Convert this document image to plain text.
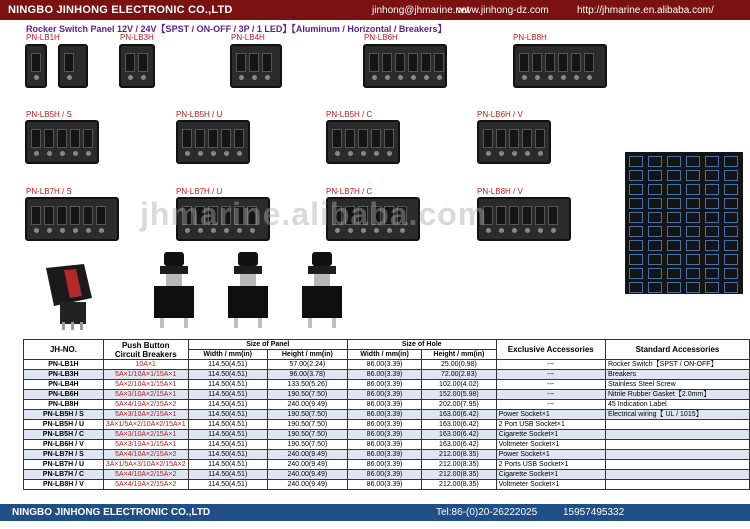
NINGBO JINHONG ELECTRONIC CO.,LTD	jinhong@jhmarine.net
www.jinhong-dz.com	http://jhmarine.en.alibaba.com/
Rocker Switch Panel 12V / 24V【SPST / ON-OFF / 3P / 1 LED】【Aluminum / Horizontal / Breakers】
PN-LB1H	PN-LB3H	PN-LB4H	PN-LB6H	PN-LB8H
PN-LB5H / S	PN-LB5H / U	PN-LB5H / C	PN-LB6H / V
PN-LB7H / S	PN-LB7H / U	PN-LB7H / C	PN-LB8H / V
jhmarine.alibaba.com
JH-NO.	Push Button
Circuit Breakers	Size of Panel		Size of Hole		Exclusive Accessories	Standard Accessories
		Width / mm(in)	Height / mm(in)	Width / mm(in)	Height / mm(in)		
PN-LB1H	10A×1	114.50(4.51)	57.00(2.24)	86.00(3.39)	25.00(0.98)	---	Rocker Switch【SPST / ON-OFF】
PN-LB3H	5A×1/10A×1/15A×1	114.50(4.51)	96.00(3.78)	86.00(3.39)	72.00(2.83)	---	Breakers
PN-LB4H	5A×2/10A×1/15A×1	114.50(4.51)	133.50(5.26)	86.00(3.39)	102.00(4.02)	---	Stainless Steel Screw
PN-LB6H	5A×3/10A×2/15A×1	114.50(4.51)	190.50(7.50)	86.00(3.39)	152.00(5.98)	---	Nitrile Rubber Gasket【2.0mm】
PN-LB8H	5A×4/10A×2/15A×2	114.50(4.51)	240.00(9.49)	86.00(3.39)	202.00(7.95)	---	45 Indication Label
PN-LB5H / S	5A×3/10A×2/15A×1	114.50(4.51)	190.50(7.50)	86.00(3.39)	163.00(6.42)	Power Socket×1	Electrical wiring【 UL / 1015】
PN-LB5H / U	3A×1/5A×2/10A×2/15A×1	114.50(4.51)	190.50(7.50)	86.00(3.39)	163.00(6.42)	2 Port USB Socket×1	
PN-LB5H / C	5A×3/10A×2/15A×1	114.50(4.51)	190.50(7.50)	86.00(3.39)	163.00(6.42)	Cigarette Socket×1	
PN-LB6H / V	5A×3/10A×1/15A×1	114.50(4.51)	190.50(7.50)	86.00(3.39)	163.00(6.42)	Voltmeter Socket×1	
PN-LB7H / S	5A×4/10A×2/15A×2	114.50(4.51)	240.00(9.49)	86.00(3.39)	212.00(8.35)	Power Socket×1	
PN-LB7H / U	3A×1/5A×3/10A×2/15A×2	114.50(4.51)	240.00(9.49)	86.00(3.39)	212.00(8.35)	2 Ports USB Socket×1	
PN-LB7H / C	5A×4/10A×2/15A×2	114.50(4.51)	240.00(9.49)	86.00(3.39)	212.00(8.35)	Cigarette Socket×1	
PN-LB8H / V	5A×4/10A×2/15A×2	114.50(4.51)	240.00(9.49)	86.00(3.39)	212.00(8.35)	Voltmeter Socket×1	
NINGBO JINHONG ELECTRONIC CO.,LTD	Tel:86-(0)20-26222025	15957495332
